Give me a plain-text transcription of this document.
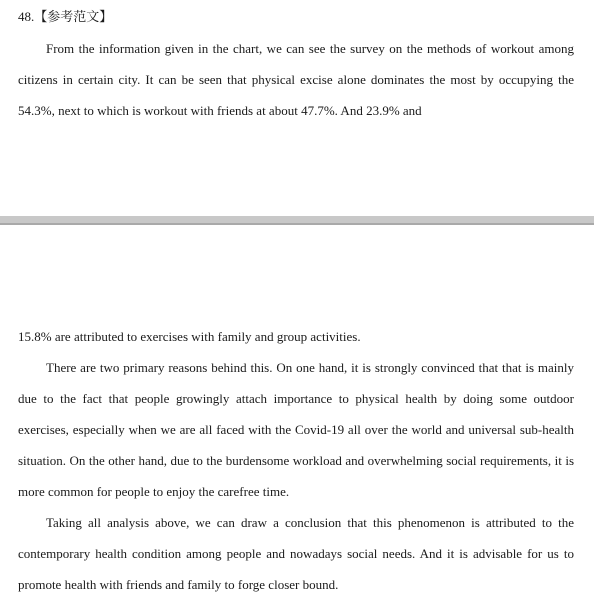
48.【参考范文】

From the information given in the chart, we can see the survey on the methods of workout among citizens in certain city. It can be seen that physical excise alone dominates the most by occupying the 54.3%, next to which is workout with friends at about 47.7%. And 23.9% and

15.8% are attributed to exercises with family and group activities.

There are two primary reasons behind this. On one hand, it is strongly convinced that that is mainly due to the fact that people growingly attach importance to physical health by doing some outdoor exercises, especially when we are all faced with the Covid-19 all over the world and universal sub-health situation. On the other hand, due to the burdensome workload and overwhelming social requirements, it is more common for people to enjoy the carefree time.

Taking all analysis above, we can draw a conclusion that this phenomenon is attributed to the contemporary health condition among people and nowadays social needs. And it is advisable for us to promote health with friends and family to forge closer bound.
